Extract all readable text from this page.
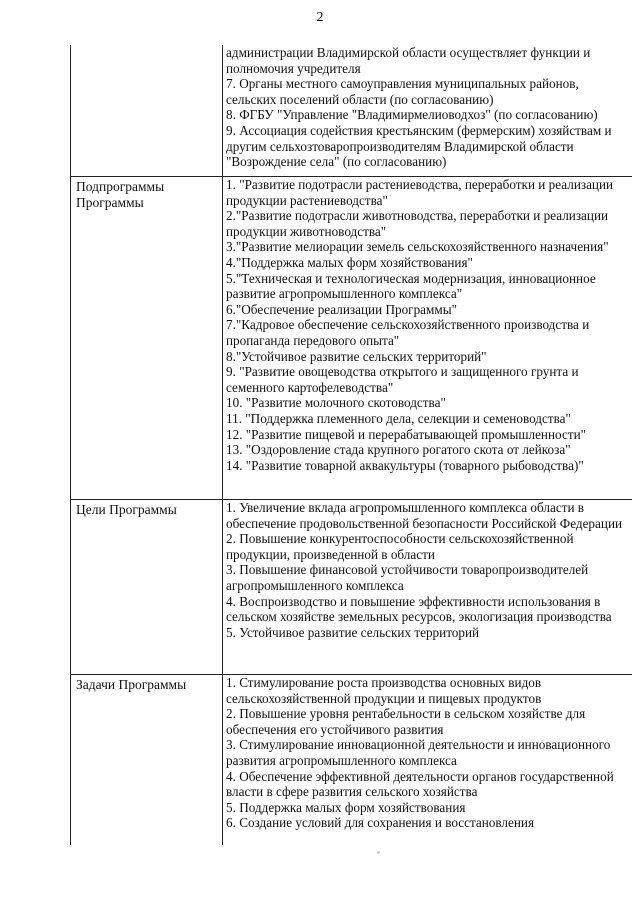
2
администрации Владимирской области осуществляет функции и полномочия учредителя
7. Органы местного самоуправления муниципальных районов, сельских поселений области (по согласованию)
8. ФГБУ "Управление "Владимирмелиоводхоз" (по согласованию)
9. Ассоциация содействия крестьянским (фермерским) хозяйствам и другим сельхозтоваропроизводителям Владимирской области "Возрождение села" (по согласованию)
Подпрограммы Программы
1. "Развитие подотрасли растениеводства, переработки и реализации продукции растениеводства"
2."Развитие подотрасли животноводства, переработки и реализации продукции животноводства"
3."Развитие мелиорации земель сельскохозяйственного назначения"
4."Поддержка малых форм хозяйствования"
5."Техническая и технологическая модернизация, инновационное развитие агропромышленного комплекса"
6."Обеспечение реализации Программы"
7."Кадровое обеспечение сельскохозяйственного производства и пропаганда передового опыта"
8."Устойчивое развитие сельских территорий"
9. "Развитие овощеводства открытого и защищенного грунта и семенного картофелеводства"
10. "Развитие молочного скотоводства"
11. "Поддержка племенного дела, селекции и семеноводства"
12. "Развитие пищевой и перерабатывающей промышленности"
13. "Оздоровление стада крупного рогатого скота от лейкоза"
14. "Развитие товарной аквакультуры (товарного рыбоводства)"
Цели Программы	1. Увеличение вклада агропромышленного комплекса области в обеспечение продовольственной безопасности Российской Федерации
2. Повышение конкурентоспособности сельскохозяйственной продукции, произведенной в области
3. Повышение финансовой устойчивости товаропроизводителей агропромышленного комплекса
4. Воспроизводство и повышение эффективности использования в сельском хозяйстве земельных ресурсов, экологизация производства
5. Устойчивое развитие сельских территорий
Задачи Программы	1. Стимулирование роста производства основных видов сельскохозяйственной продукции и пищевых продуктов
2. Повышение уровня рентабельности в сельском хозяйстве для обеспечения его устойчивого развития
3. Стимулирование инновационной деятельности и инновационного развития агропромышленного комплекса
4. Обеспечение эффективной деятельности органов государственной власти в сфере развития сельского хозяйства
5. Поддержка малых форм хозяйствования
6. Создание условий для сохранения и восстановления
